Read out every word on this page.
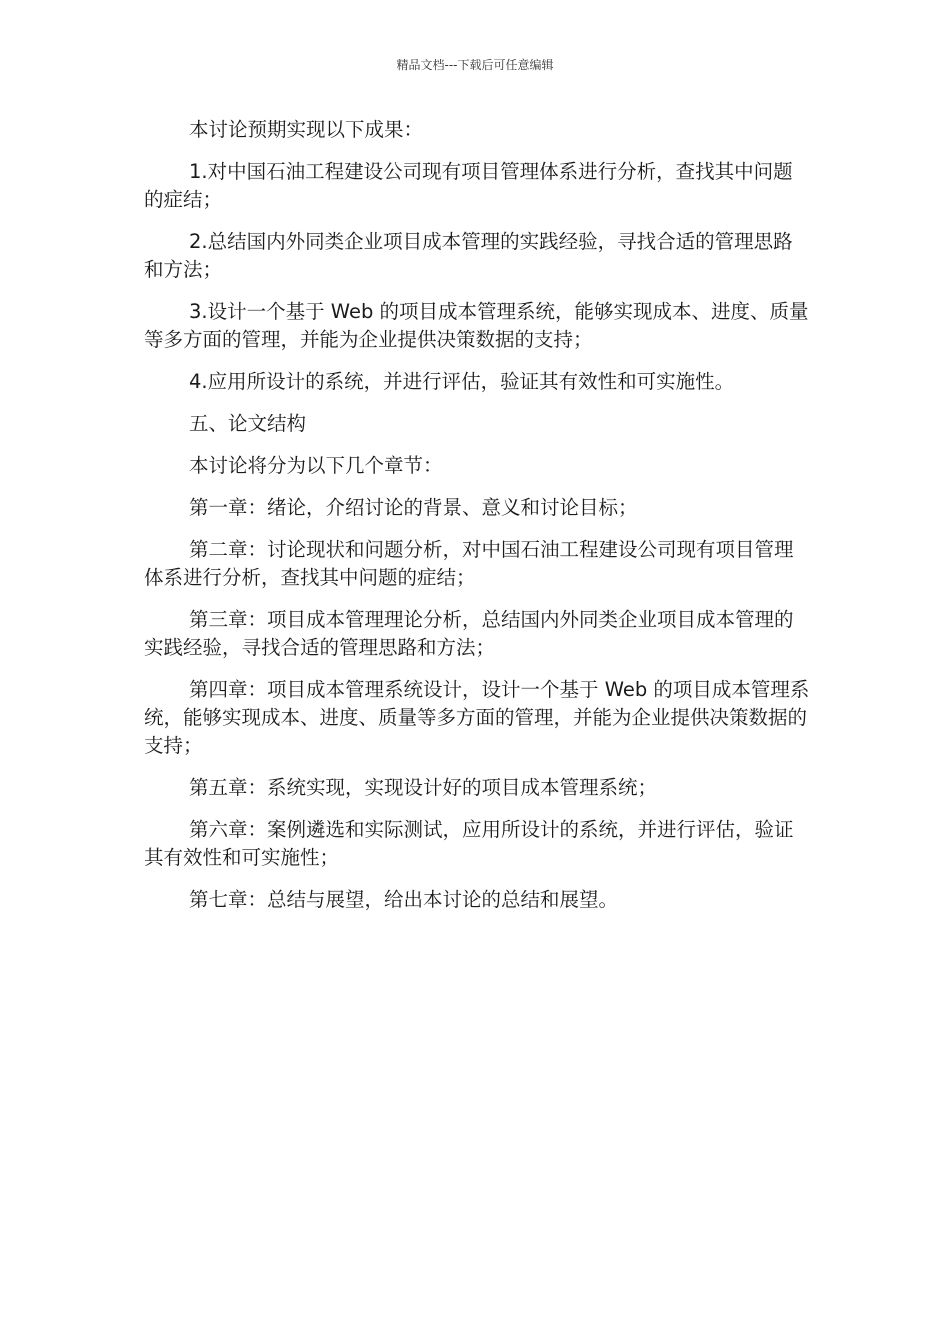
精品文档---下载后可任意编辑

本讨论预期实现以下成果：

1.对中国石油工程建设公司现有项目管理体系进行分析，查找其中问题的症结；

2.总结国内外同类企业项目成本管理的实践经验，寻找合适的管理思路和方法；

3.设计一个基于 Web 的项目成本管理系统，能够实现成本、进度、质量等多方面的管理，并能为企业提供决策数据的支持；

4.应用所设计的系统，并进行评估，验证其有效性和可实施性。

五、论文结构

本讨论将分为以下几个章节：

第一章：绪论，介绍讨论的背景、意义和讨论目标；

第二章：讨论现状和问题分析，对中国石油工程建设公司现有项目管理体系进行分析，查找其中问题的症结；

第三章：项目成本管理理论分析，总结国内外同类企业项目成本管理的实践经验，寻找合适的管理思路和方法；

第四章：项目成本管理系统设计，设计一个基于 Web 的项目成本管理系统，能够实现成本、进度、质量等多方面的管理，并能为企业提供决策数据的支持；

第五章：系统实现，实现设计好的项目成本管理系统；

第六章：案例遴选和实际测试，应用所设计的系统，并进行评估，验证其有效性和可实施性；

第七章：总结与展望，给出本讨论的总结和展望。
